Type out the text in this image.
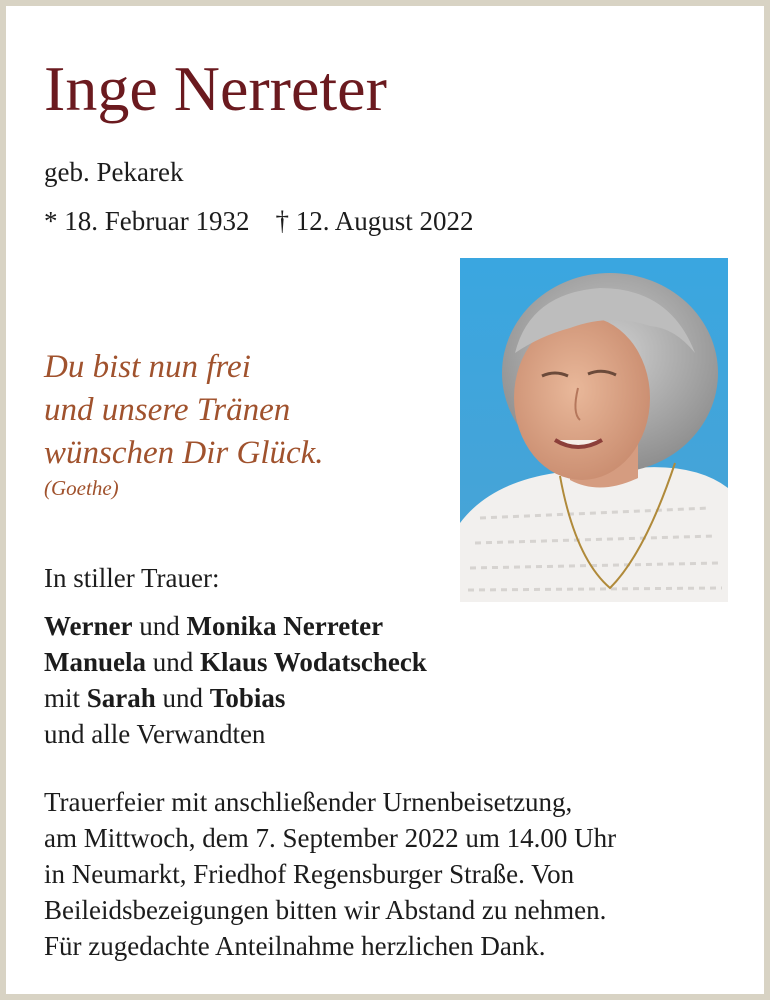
Inge Nerreter
geb. Pekarek
* 18. Februar 1932 † 12. August 2022
Du bist nun frei
und unsere Tränen
wünschen Dir Glück.
(Goethe)
In stiller Trauer:
Werner und Monika Nerreter
Manuela und Klaus Wodatscheck
mit Sarah und Tobias
und alle Verwandten
Trauerfeier mit anschließender Urnenbeisetzung,
am Mittwoch, dem 7. September 2022 um 14.00 Uhr
in Neumarkt, Friedhof Regensburger Straße. Von
Beileidsbezeigungen bitten wir Abstand zu nehmen.
Für zugedachte Anteilnahme herzlichen Dank.
